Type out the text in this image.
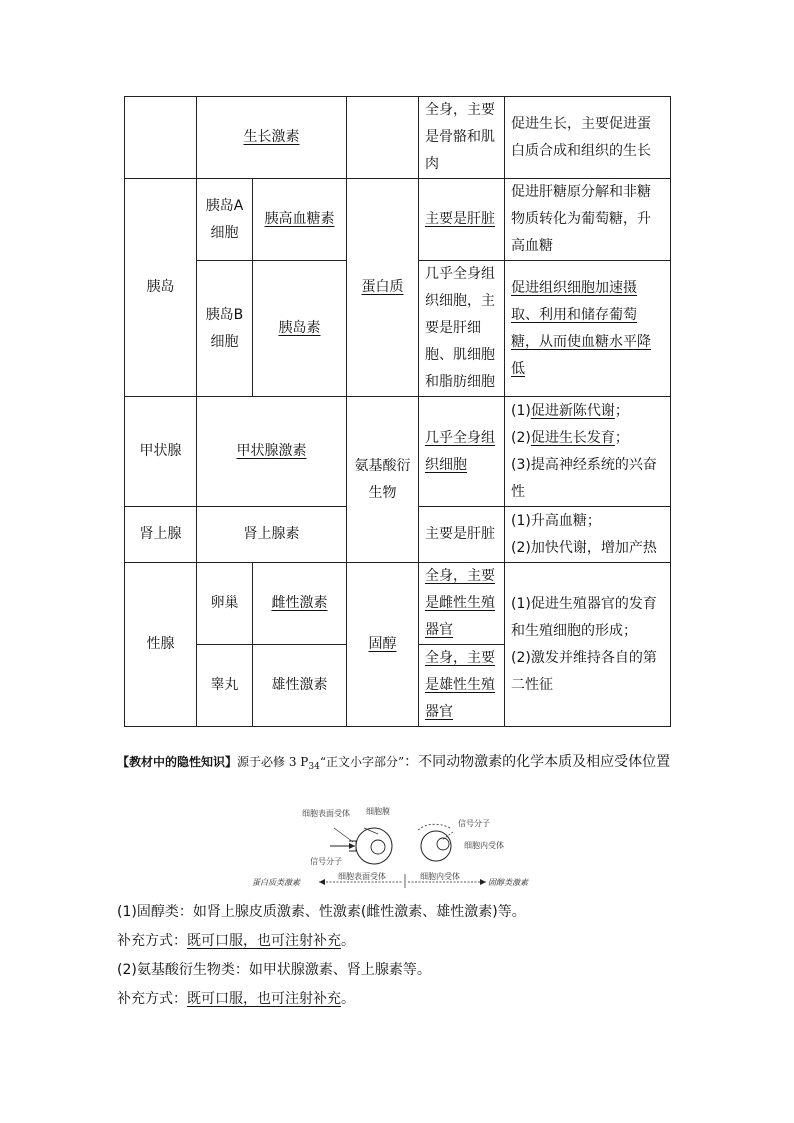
	生长激素			全身，主要是骨骼和肌肉	促进生长，主要促进蛋白质合成和组织的生长
胰岛	胰岛A 细胞	胰高血糖素	蛋白质	主要是肝脏	促进肝糖原分解和非糖物质转化为葡萄糖，升高血糖
	胰岛B 细胞	胰岛素		几乎全身组织细胞，主要是肝细胞、肌细胞和脂肪细胞	促进组织细胞加速摄取、利用和储存葡萄糖，从而使血糖水平降低
甲状腺	甲状腺激素		氨基酸衍生物	几乎全身组织细胞	(1)促进新陈代谢；
(2)促进生长发育；
(3)提高神经系统的兴奋性
肾上腺	肾上腺素			主要是肝脏	(1)升高血糖；
(2)加快代谢，增加产热
性腺	卵巢	雌性激素	固醇	全身，主要是雌性生殖器官	(1)促进生殖器官的发育和生殖细胞的形成；
(2)激发并维持各自的第二性征
	睾丸	雄性激素		全身，主要是雄性生殖器官	
【教材中的隐性知识】源于必修 3 $P_{34}“$正文小字部分”：不同动物激素的化学本质及相应受体位置
细胞表面受体 细胞膜
信号分子
信号分子
细胞内受体
蛋白质类激素
细胞表面受体	细胞内受体
固醇类激素

(1)固醇类：如肾上腺皮质激素、性激素(雌性激素、雄性激素)等。

补充方式：既可口服，也可注射补充。

(2)氨基酸衍生物类：如甲状腺激素、肾上腺素等。

补充方式：既可口服，也可注射补充。
